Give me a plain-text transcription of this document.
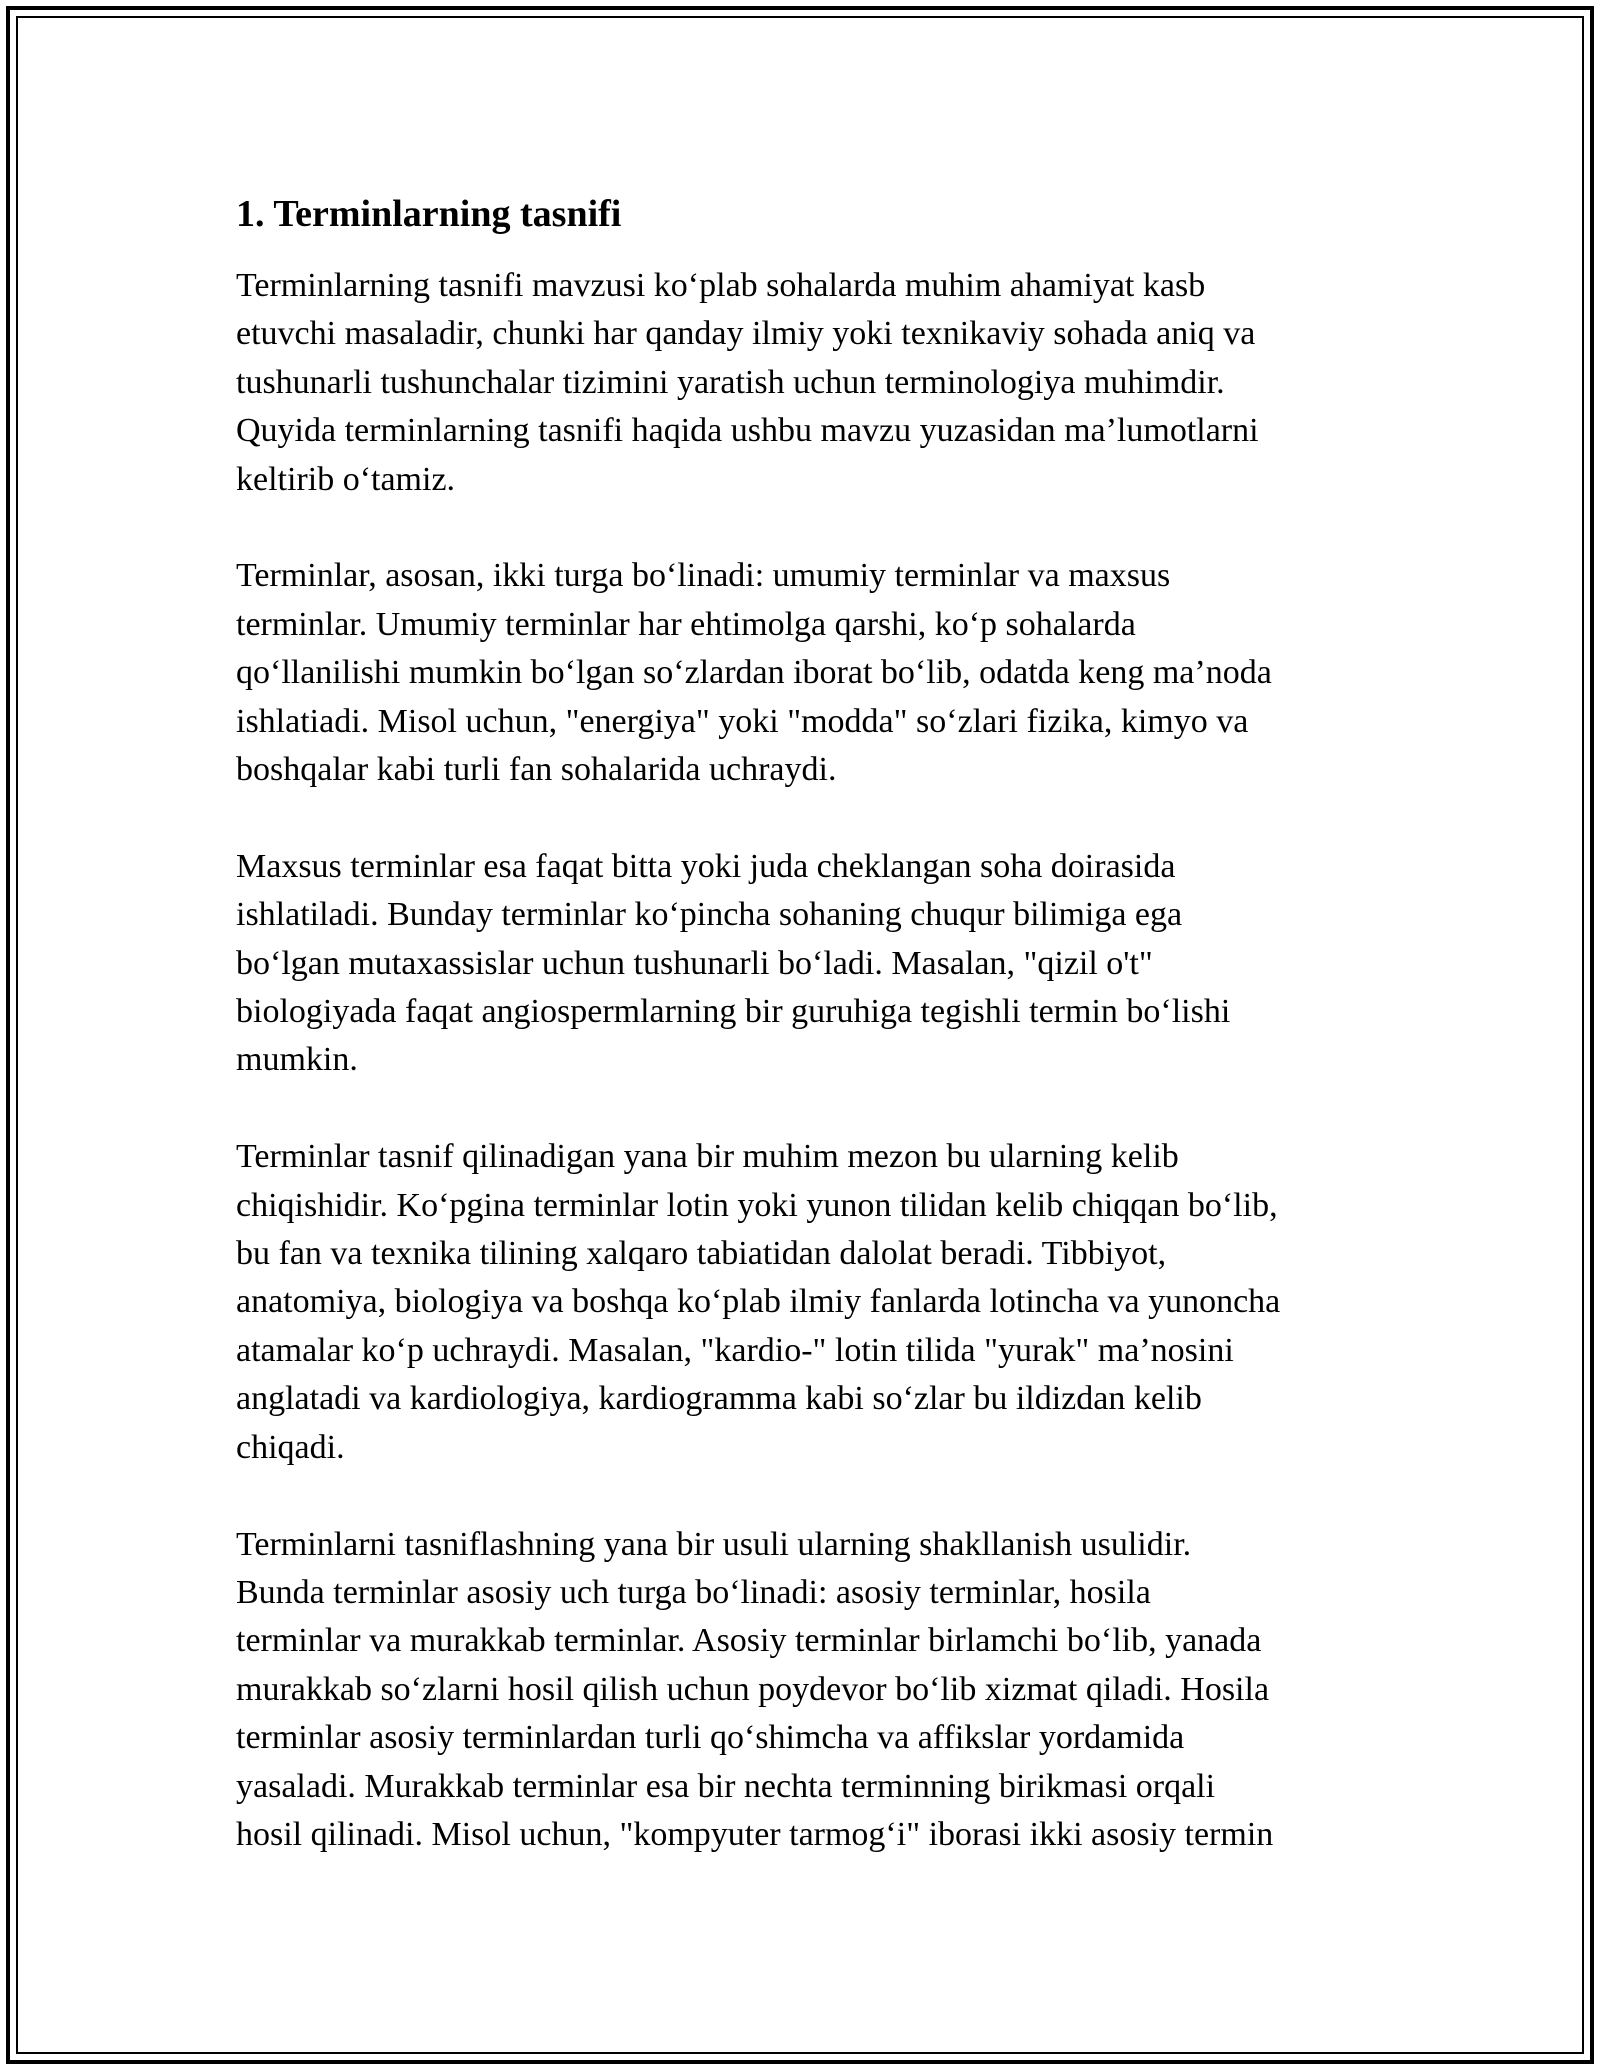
1. Terminlarning tasnifi

Terminlarning tasnifi mavzusi ko‘plab sohalarda muhim ahamiyat kasb
etuvchi masaladir, chunki har qanday ilmiy yoki texnikaviy sohada aniq va
tushunarli tushunchalar tizimini yaratish uchun terminologiya muhimdir.
Quyida terminlarning tasnifi haqida ushbu mavzu yuzasidan ma’lumotlarni
keltirib o‘tamiz.

Terminlar, asosan, ikki turga bo‘linadi: umumiy terminlar va maxsus
terminlar. Umumiy terminlar har ehtimolga qarshi, ko‘p sohalarda
qo‘llanilishi mumkin bo‘lgan so‘zlardan iborat bo‘lib, odatda keng ma’noda
ishlatiadi. Misol uchun, "energiya" yoki "modda" so‘zlari fizika, kimyo va
boshqalar kabi turli fan sohalarida uchraydi.

Maxsus terminlar esa faqat bitta yoki juda cheklangan soha doirasida
ishlatiladi. Bunday terminlar ko‘pincha sohaning chuqur bilimiga ega
bo‘lgan mutaxassislar uchun tushunarli bo‘ladi. Masalan, "qizil o't"
biologiyada faqat angiospermlarning bir guruhiga tegishli termin bo‘lishi
mumkin.

Terminlar tasnif qilinadigan yana bir muhim mezon bu ularning kelib
chiqishidir. Ko‘pgina terminlar lotin yoki yunon tilidan kelib chiqqan bo‘lib,
bu fan va texnika tilining xalqaro tabiatidan dalolat beradi. Tibbiyot,
anatomiya, biologiya va boshqa ko‘plab ilmiy fanlarda lotincha va yunoncha
atamalar ko‘p uchraydi. Masalan, "kardio-" lotin tilida "yurak" ma’nosini
anglatadi va kardiologiya, kardiogramma kabi so‘zlar bu ildizdan kelib
chiqadi.

Terminlarni tasniflashning yana bir usuli ularning shakllanish usulidir.
Bunda terminlar asosiy uch turga bo‘linadi: asosiy terminlar, hosila
terminlar va murakkab terminlar. Asosiy terminlar birlamchi bo‘lib, yanada
murakkab so‘zlarni hosil qilish uchun poydevor bo‘lib xizmat qiladi. Hosila
terminlar asosiy terminlardan turli qo‘shimcha va affikslar yordamida
yasaladi. Murakkab terminlar esa bir nechta terminning birikmasi orqali
hosil qilinadi. Misol uchun, "kompyuter tarmog‘i" iborasi ikki asosiy termin
